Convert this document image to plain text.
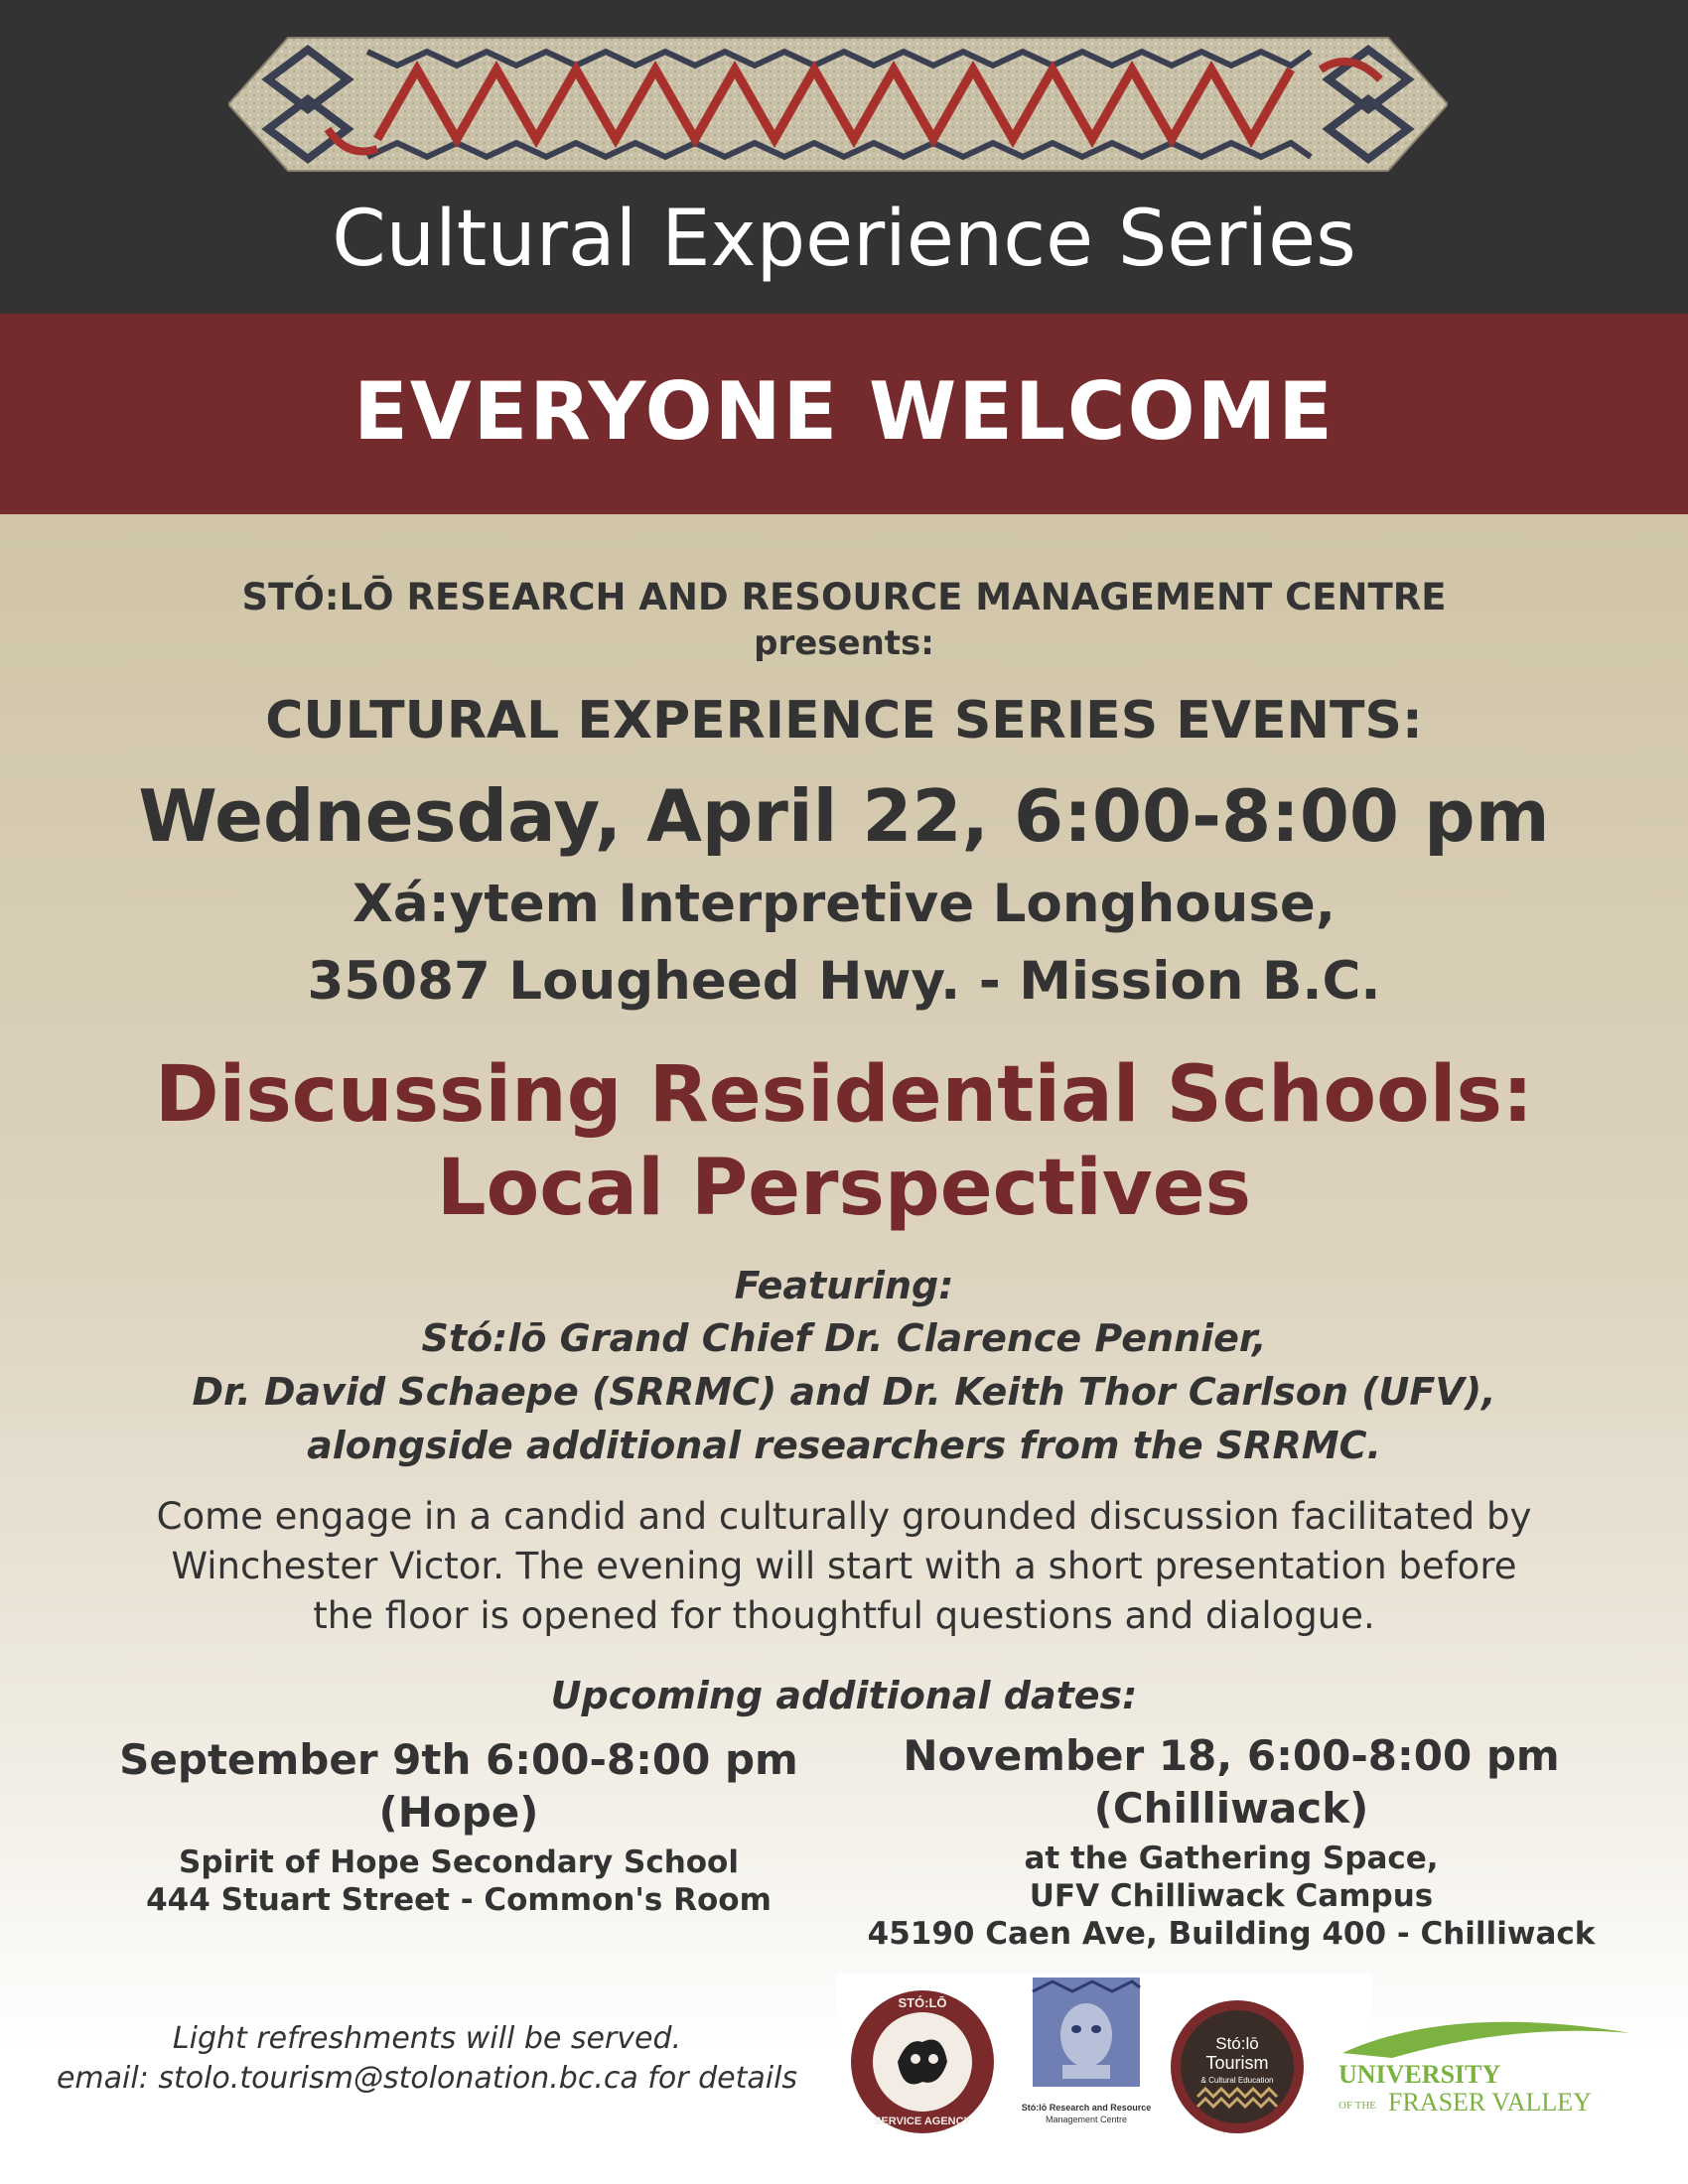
Cultural Experience Series
EVERYONE WELCOME
STÓ:LŌ RESEARCH AND RESOURCE MANAGEMENT CENTRE
presents:
CULTURAL EXPERIENCE SERIES EVENTS:
Wednesday, April 22, 6:00-8:00 pm
Xá:ytem Interpretive Longhouse,
35087 Lougheed Hwy. - Mission B.C.
Discussing Residential Schools:
Local Perspectives
Featuring:
Stó:lō Grand Chief Dr. Clarence Pennier,
Dr. David Schaepe (SRRMC) and Dr. Keith Thor Carlson (UFV),
alongside additional researchers from the SRRMC.
Come engage in a candid and culturally grounded discussion facilitated by
Winchester Victor. The evening will start with a short presentation before
the floor is opened for thoughtful questions and dialogue.
Upcoming additional dates:
September 9th 6:00-8:00 pm
(Hope)
Spirit of Hope Secondary School
444 Stuart Street - Common's Room
November 18, 6:00-8:00 pm
(Chilliwack)
at the Gathering Space,
UFV Chilliwack Campus
45190 Caen Ave, Building 400 - Chilliwack
Light refreshments will be served.
email: stolo.tourism@stolonation.bc.ca for details
STÓ:LŌ
SERVICE AGENCY
Stó:lō Research and Resource
Management Centre
Stó:lō
Tourism
& Cultural Education	UNIVERSITY
OF THE FRASER VALLEY
